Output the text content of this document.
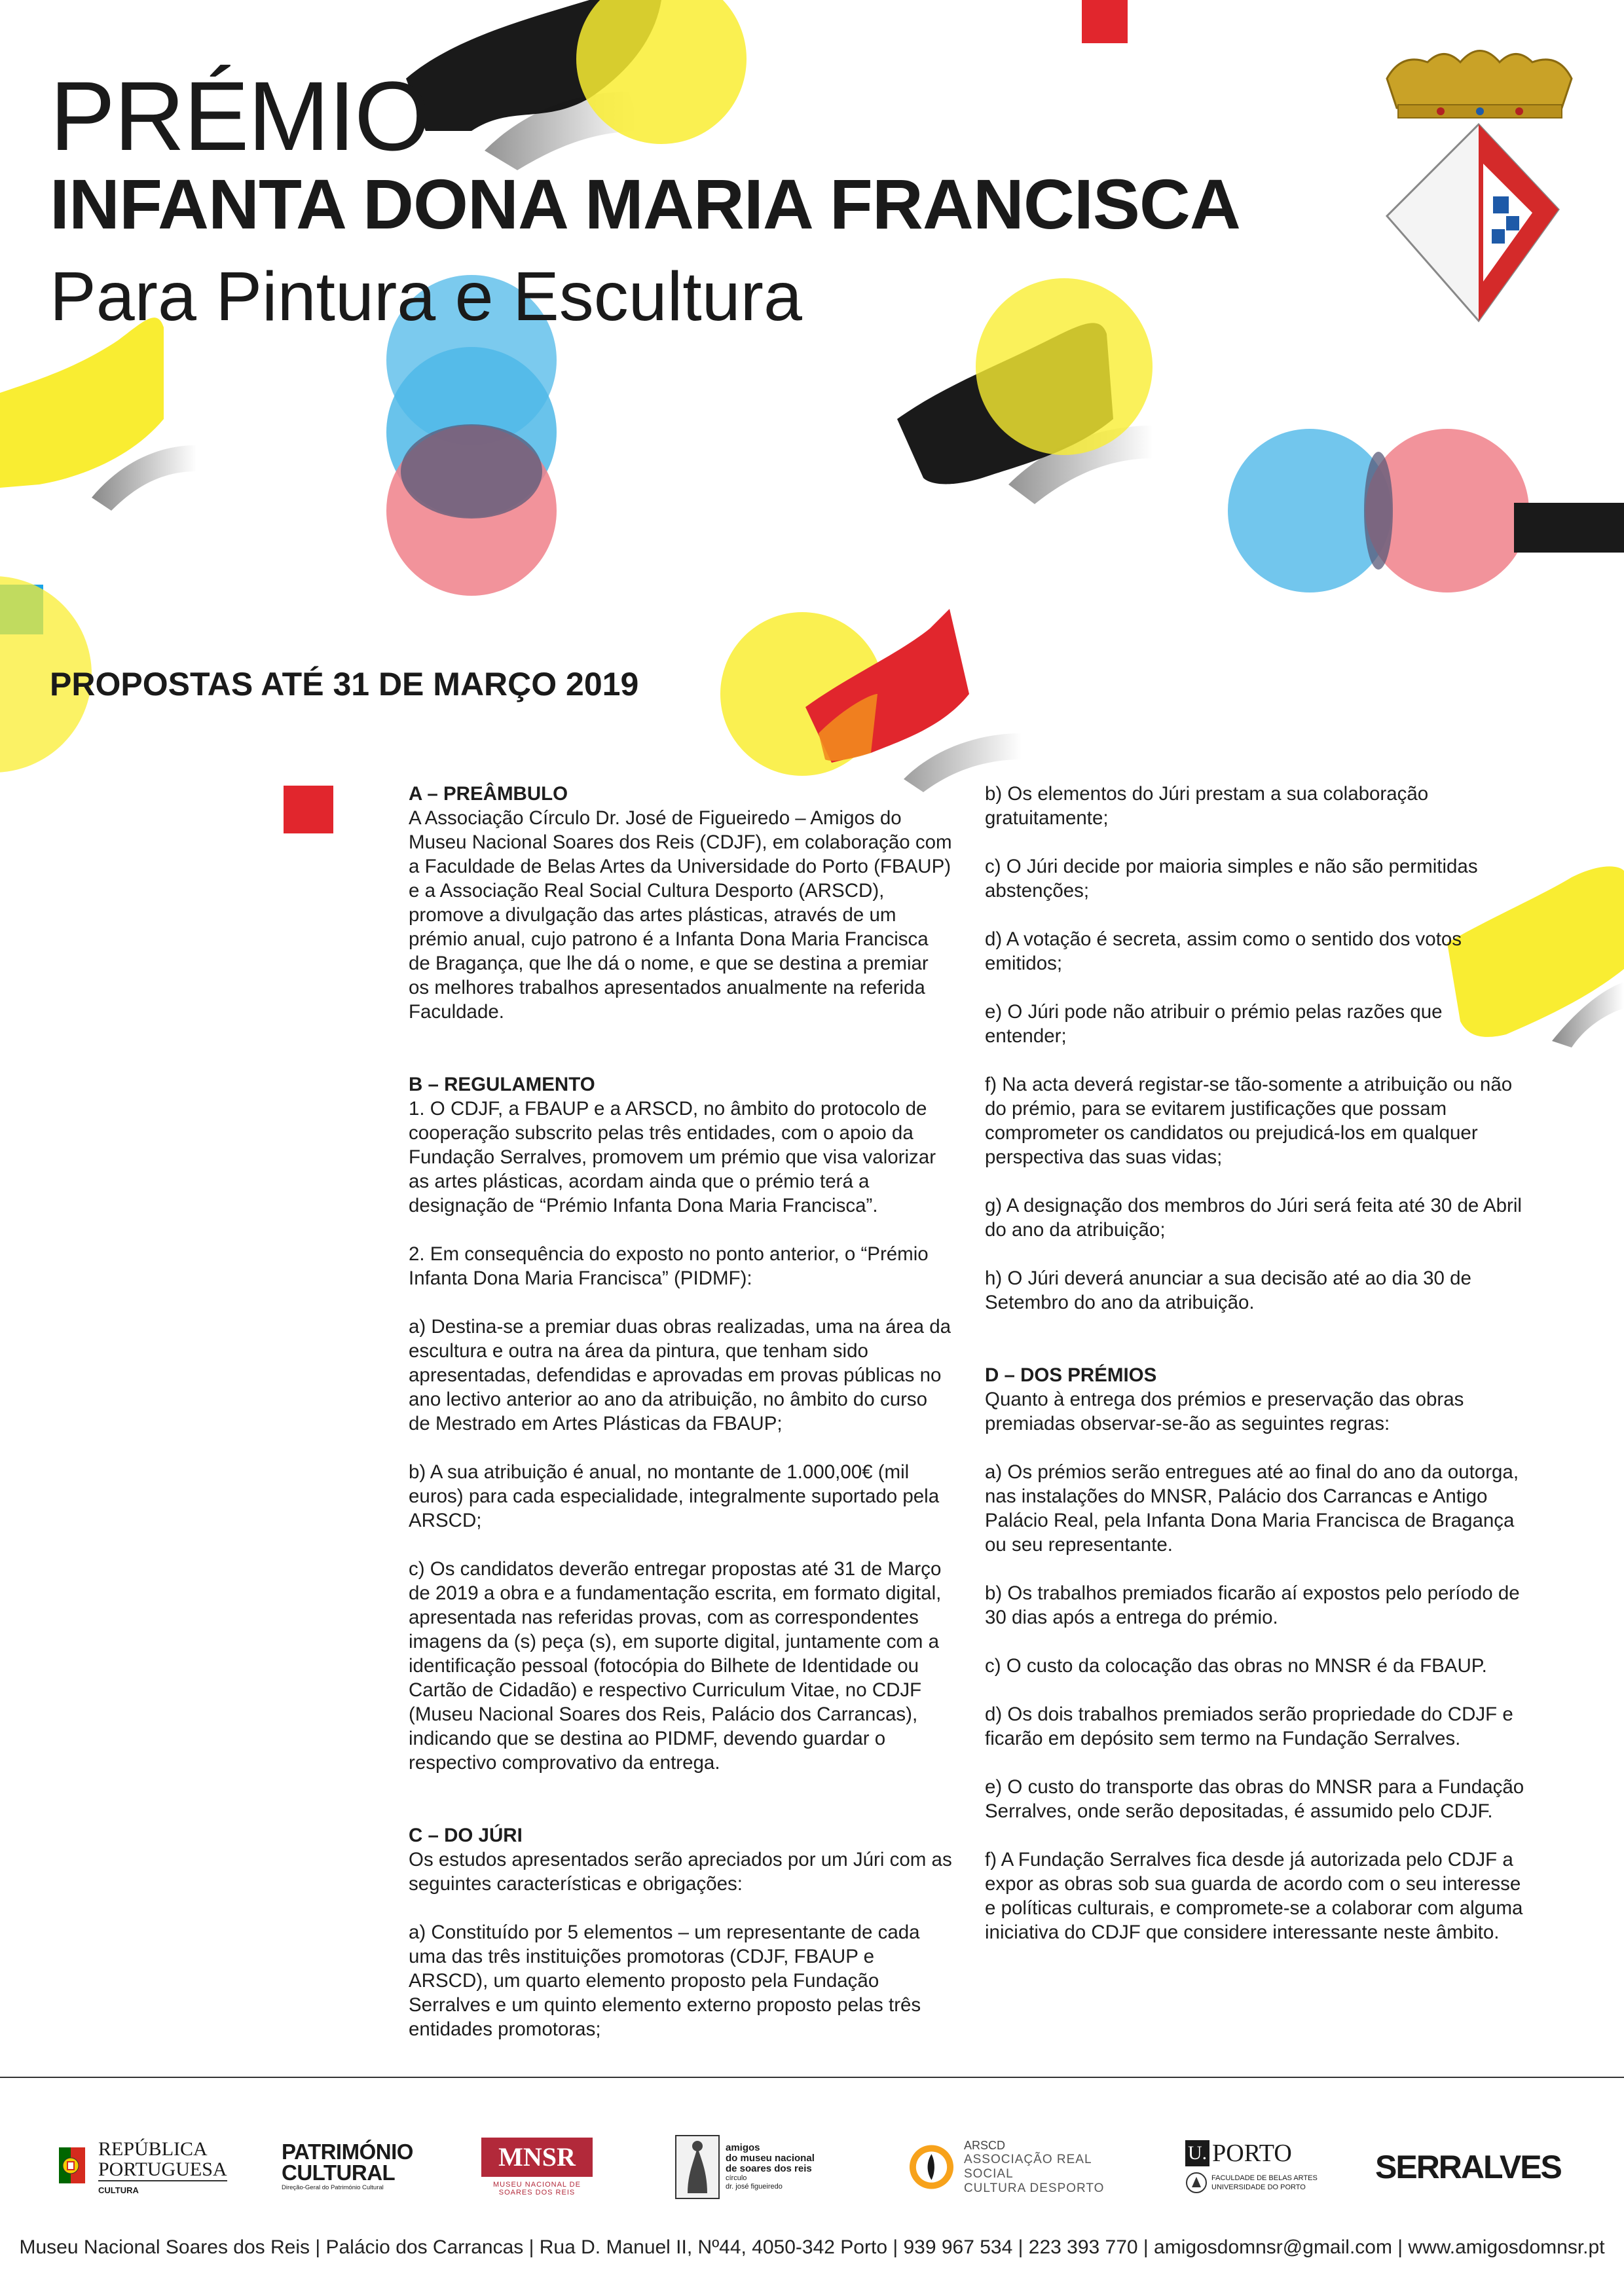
PRÉMIO
INFANTA DONA MARIA FRANCISCA
Para Pintura e Escultura
PROPOSTAS ATÉ 31 DE MARÇO 2019
A – PREÂMBULO

A Associação Círculo Dr. José de Figueiredo – Amigos do Museu Nacional Soares dos Reis (CDJF), em colaboração com a Faculdade de Belas Artes da Universidade do Porto (FBAUP) e a Associação Real Social Cultura Desporto (ARSCD), promove a divulgação das artes plásticas, através de um prémio anual, cujo patrono é a Infanta Dona Maria Francisca de Bragança, que lhe dá o nome, e que se destina a premiar os melhores trabalhos apresentados anualmente na referida Faculdade.

B – REGULAMENTO

1. O CDJF, a FBAUP e a ARSCD, no âmbito do protocolo de cooperação subscrito pelas três entidades, com o apoio da Fundação Serralves, promovem um prémio que visa valorizar as artes plásticas, acordam ainda que o prémio terá a designação de “Prémio Infanta Dona Maria Francisca”.

2. Em consequência do exposto no ponto anterior, o “Prémio Infanta Dona Maria Francisca” (PIDMF):

a) Destina-se a premiar duas obras realizadas, uma na área da escultura e outra na área da pintura, que tenham sido apresentadas, defendidas e aprovadas em provas públicas no ano lectivo anterior ao ano da atribuição, no âmbito do curso de Mestrado em Artes Plásticas da FBAUP;

b) A sua atribuição é anual, no montante de 1.000,00€ (mil euros) para cada especialidade, integralmente suportado pela ARSCD;

c) Os candidatos deverão entregar propostas até 31 de Março de 2019 a obra e a fundamentação escrita, em formato digital, apresentada nas referidas provas, com as correspondentes imagens da (s) peça (s), em suporte digital, juntamente com a identificação pessoal (fotocópia do Bilhete de Identidade ou Cartão de Cidadão) e respectivo Curriculum Vitae, no CDJF (Museu Nacional Soares dos Reis, Palácio dos Carrancas), indicando que se destina ao PIDMF, devendo guardar o respectivo comprovativo da entrega.

C – DO JÚRI

Os estudos apresentados serão apreciados por um Júri com as seguintes características e obrigações:

a) Constituído por 5 elementos – um representante de cada uma das três instituições promotoras (CDJF, FBAUP e ARSCD), um quarto elemento proposto pela Fundação Serralves e um quinto elemento externo proposto pelas três entidades promotoras;

b) Os elementos do Júri prestam a sua colaboração gratuitamente;

c) O Júri decide por maioria simples e não são permitidas abstenções;

d) A votação é secreta, assim como o sentido dos votos emitidos;

e) O Júri pode não atribuir o prémio pelas razões que entender;

f) Na acta deverá registar-se tão-somente a atribuição ou não do prémio, para se evitarem justificações que possam comprometer os candidatos ou prejudicá-los em qualquer perspectiva das suas vidas;

g) A designação dos membros do Júri será feita até 30 de Abril do ano da atribuição;

h) O Júri deverá anunciar a sua decisão até ao dia 30 de Setembro do ano da atribuição.

D – DOS PRÉMIOS

Quanto à entrega dos prémios e preservação das obras premiadas observar-se-ão as seguintes regras:

a) Os prémios serão entregues até ao final do ano da outorga, nas instalações do MNSR, Palácio dos Carrancas e Antigo Palácio Real, pela Infanta Dona Maria Francisca de Bragança ou seu representante.

b) Os trabalhos premiados ficarão aí expostos pelo período de 30 dias após a entrega do prémio.

c) O custo da colocação das obras no MNSR é da FBAUP.

d) Os dois trabalhos premiados serão propriedade do CDJF e ficarão em depósito sem termo na Fundação Serralves.

e) O custo do transporte das obras do MNSR para a Fundação Serralves, onde serão depositadas, é assumido pelo CDJF.

f) A Fundação Serralves fica desde já autorizada pelo CDJF a expor as obras sob sua guarda de acordo com o seu interesse e políticas culturais, e compromete-se a colaborar com alguma iniciativa do CDJF que considere interessante neste âmbito.

REPÚBLICA
PORTUGUESA
CULTURA
PATRIMÓNIO
CULTURAL
Direção-Geral do Património Cultural
MNSR
MUSEU NACIONAL DE
SOARES DOS REIS
amigos
do museu nacional
de soares dos reis
círculo
dr. josé figueiredo
ARSCD
ASSOCIAÇÃO REAL SOCIAL
CULTURA DESPORTO
U. PORTO
FACULDADE DE BELAS ARTES
UNIVERSIDADE DO PORTO
SERRALVES
Museu Nacional Soares dos Reis | Palácio dos Carrancas | Rua D. Manuel II, Nº44, 4050-342 Porto | 939 967 534 | 223 393 770 | amigosdomnsr@gmail.com | www.amigosdomnsr.pt
